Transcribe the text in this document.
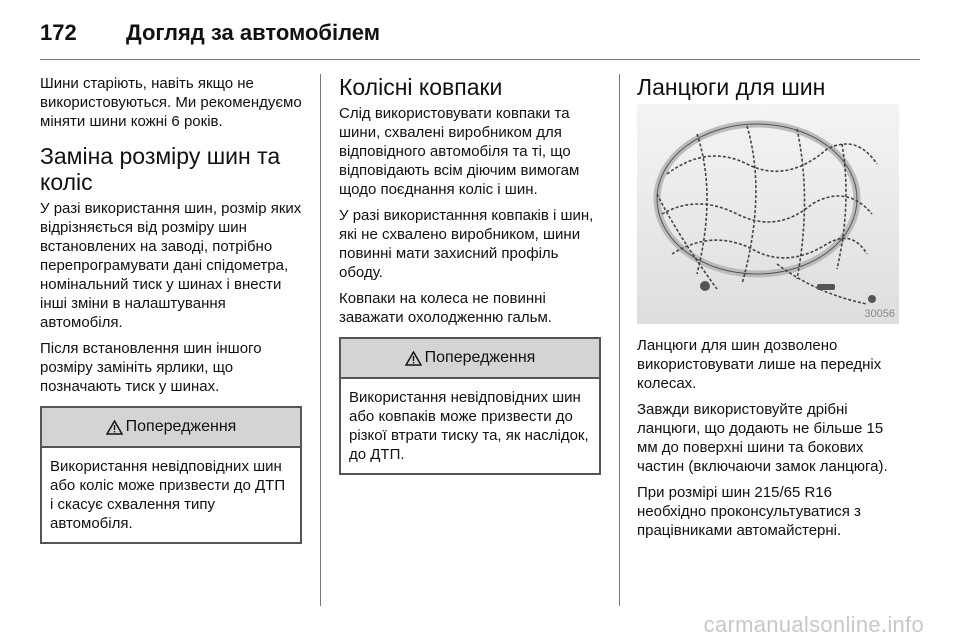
172	Догляд за автомобілем

Шини старіють, навіть якщо не використовуються. Ми рекомендуємо міняти шини кожні 6 років.

Заміна розміру шин та коліс

У разі використання шин, розмір яких відрізняється від розміру шин встановлених на заводі, потрібно перепрограмувати дані спідометра, номінальний тиск у шинах і внести інші зміни в налаштування автомобіля.

Після встановлення шин іншого розміру замініть ярлики, що позначають тиск у шинах.

Попередження
Використання невідповідних шин або коліс може призвести до ДТП і скасує схвалення типу автомобіля.
Колісні ковпаки

Слід використовувати ковпаки та шини, схвалені виробником для відповідного автомобіля та ті, що відповідають всім діючим вимогам щодо поєднання коліс і шин.

У разі використанння ковпаків і шин, які не схвалено виробником, шини повинні мати захисний профіль ободу.

Ковпаки на колеса не повинні заважати охолодженню гальм.

Попередження
Використання невідповідних шин або ковпаків може призвести до різкої втрати тиску та, як наслідок, до ДТП.
Ланцюги для шин
30056

Ланцюги для шин дозволено використовувати лише на передніх колесах.

Завжди використовуйте дрібні ланцюги, що додають не більше 15 мм до поверхні шини та бокових частин (включаючи замок ланцюга).

При розмірі шин 215/65 R16 необхідно проконсультуватися з працівниками автомайстерні.

carmanualsonline.info
